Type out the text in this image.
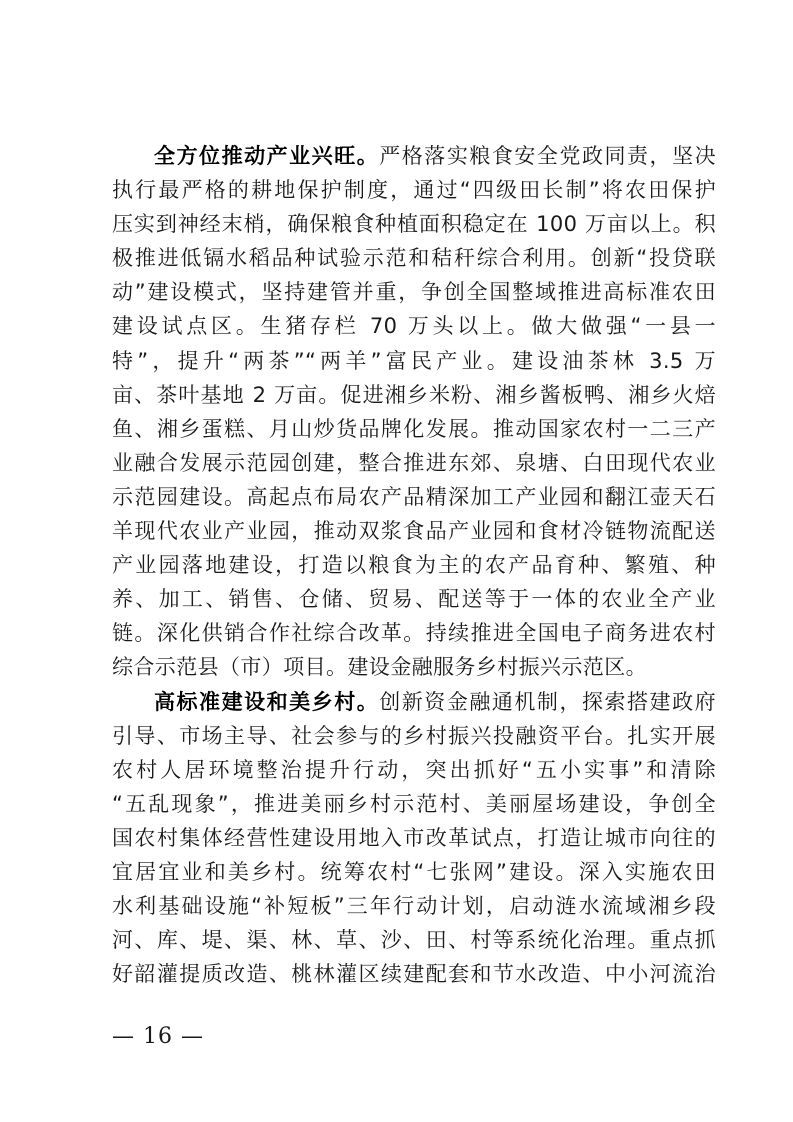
全方位推动产业兴旺。严格落实粮食安全党政同责，坚决
执行最严格的耕地保护制度，通过“四级田长制”将农田保护
压实到神经末梢，确保粮食种植面积稳定在 100 万亩以上。积
极推进低镉水稻品种试验示范和秸秆综合利用。创新“投贷联
动”建设模式，坚持建管并重，争创全国整域推进高标准农田
建设试点区。生猪存栏 70 万头以上。做大做强“一县一
特”，提升“两茶”“两羊”富民产业。建设油茶林 3.5 万
亩、茶叶基地 2 万亩。促进湘乡米粉、湘乡酱板鸭、湘乡火焙
鱼、湘乡蛋糕、月山炒货品牌化发展。推动国家农村一二三产
业融合发展示范园创建，整合推进东郊、泉塘、白田现代农业
示范园建设。高起点布局农产品精深加工产业园和翻江壶天石
羊现代农业产业园，推动双浆食品产业园和食材冷链物流配送
产业园落地建设，打造以粮食为主的农产品育种、繁殖、种
养、加工、销售、仓储、贸易、配送等于一体的农业全产业
链。深化供销合作社综合改革。持续推进全国电子商务进农村
综合示范县（市）项目。建设金融服务乡村振兴示范区。
高标准建设和美乡村。创新资金融通机制，探索搭建政府
引导、市场主导、社会参与的乡村振兴投融资平台。扎实开展
农村人居环境整治提升行动，突出抓好“五小实事”和清除
“五乱现象”，推进美丽乡村示范村、美丽屋场建设，争创全
国农村集体经营性建设用地入市改革试点，打造让城市向往的
宜居宜业和美乡村。统筹农村“七张网”建设。深入实施农田
水利基础设施“补短板”三年行动计划，启动涟水流域湘乡段
河、库、堤、渠、林、草、沙、田、村等系统化治理。重点抓
好韶灌提质改造、桃林灌区续建配套和节水改造、中小河流治
— 16 —
